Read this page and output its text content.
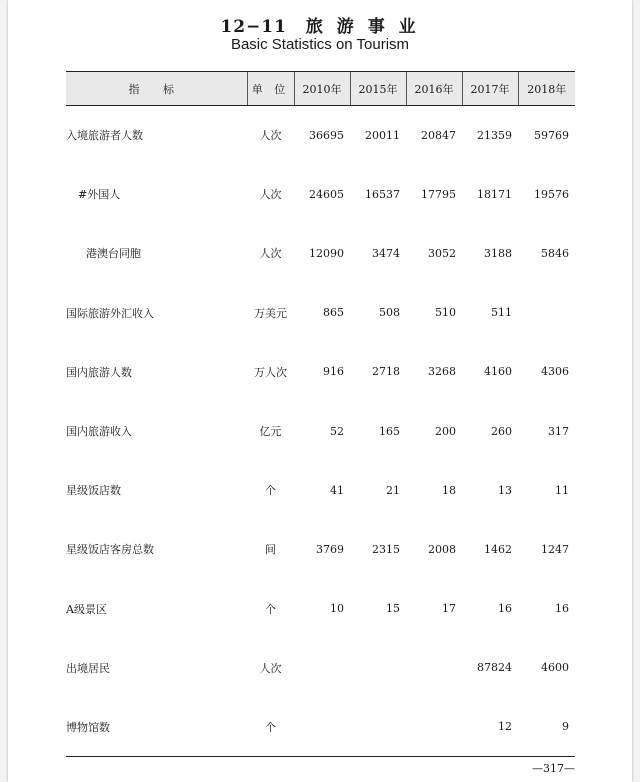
12−11 旅 游 事 业
Basic Statistics on Tourism
指 标	单 位	2010年	2015年	2016年	2017年	2018年
入境旅游者人数	人次	36695	20011	20847	21359	59769
#外国人	人次	24605	16537	17795	18171	19576
港澳台同胞	人次	12090	3474	3052	3188	5846
国际旅游外汇收入	万美元	865	508	510	511	
国内旅游人数	万人次	916	2718	3268	4160	4306
国内旅游收入	亿元	52	165	200	260	317
星级饭店数	个	41	21	18	13	11
星级饭店客房总数	间	3769	2315	2008	1462	1247
A级景区	个	10	15	17	16	16
出境居民	人次				87824	4600
博物馆数	个				12	9
—317—
